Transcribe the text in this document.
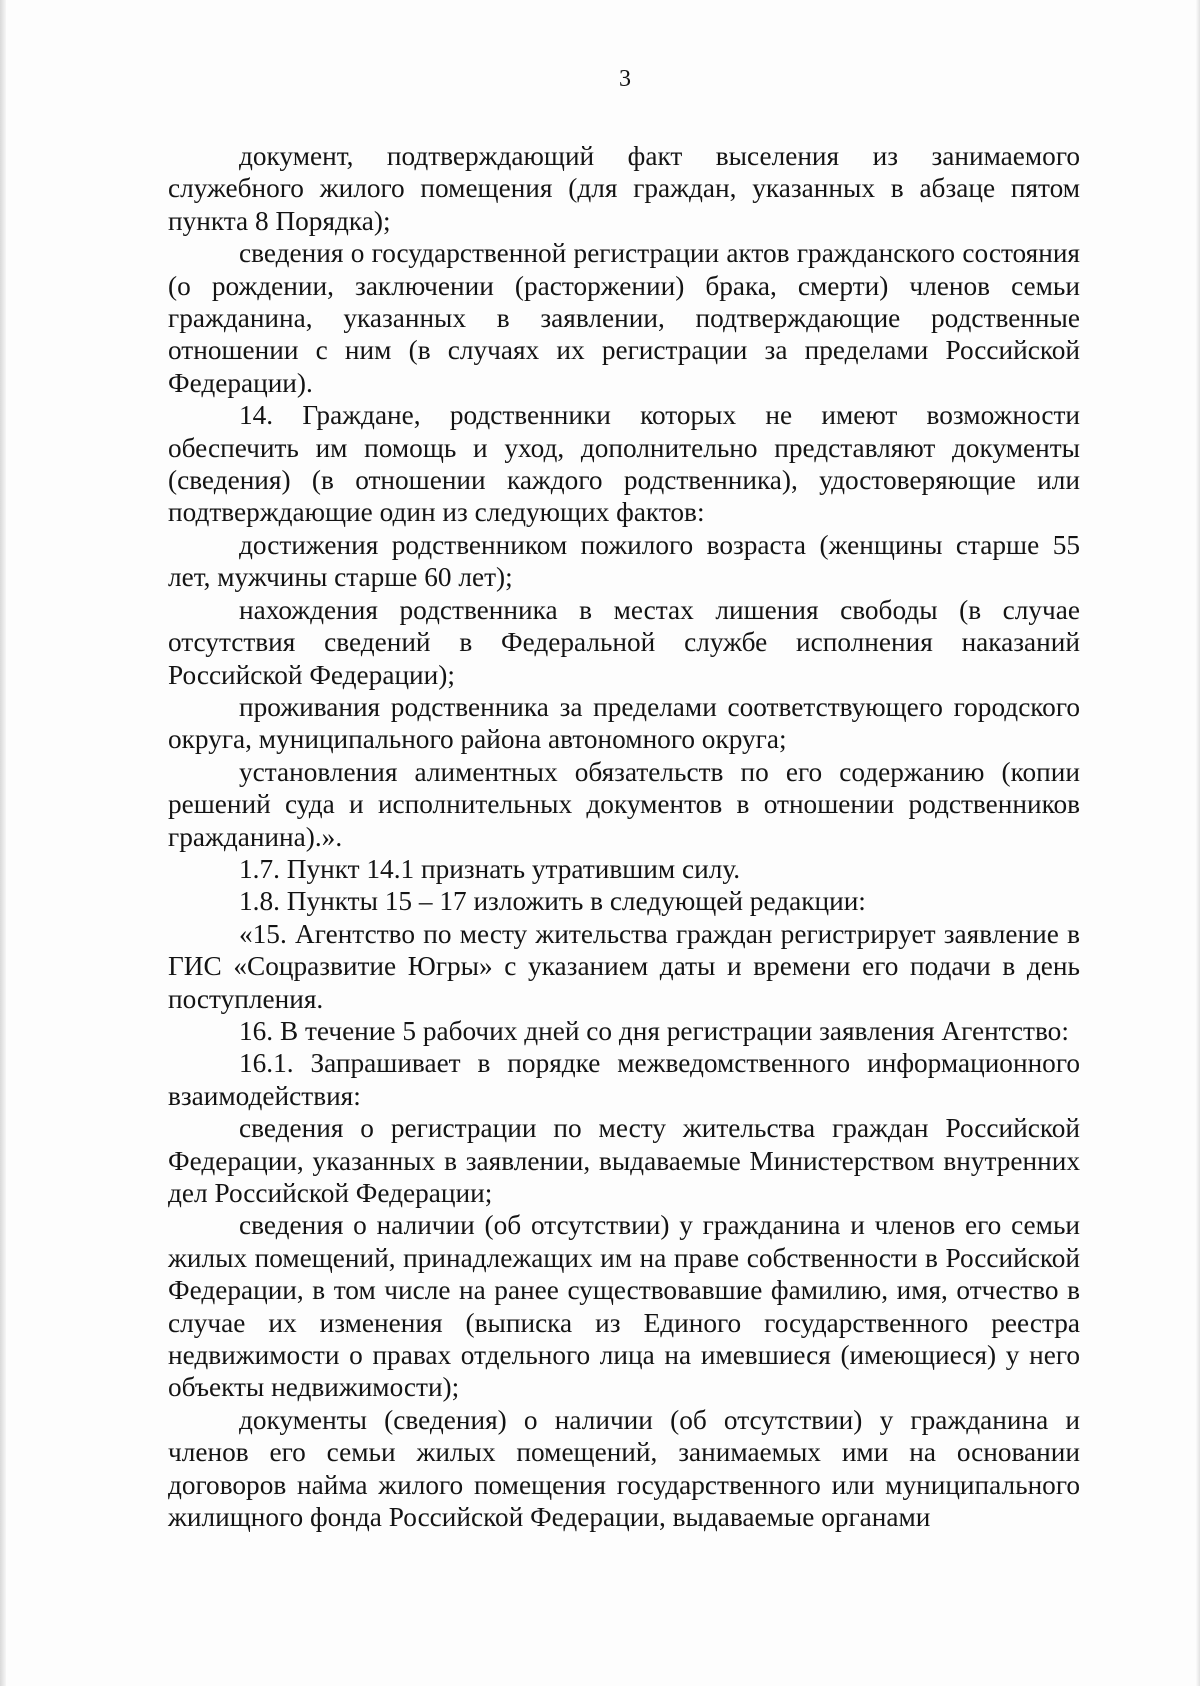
3

документ, подтверждающий факт выселения из занимаемого служебного жилого помещения (для граждан, указанных в абзаце пятом пункта 8 Порядка);

сведения о государственной регистрации актов гражданского состояния (о рождении, заключении (расторжении) брака, смерти) членов семьи гражданина, указанных в заявлении, подтверждающие родственные отношении с ним (в случаях их регистрации за пределами Российской Федерации).

14. Граждане, родственники которых не имеют возможности обеспечить им помощь и уход, дополнительно представляют документы (сведения) (в отношении каждого родственника), удостоверяющие или подтверждающие один из следующих фактов:

достижения родственником пожилого возраста (женщины старше 55 лет, мужчины старше 60 лет);

нахождения родственника в местах лишения свободы (в случае отсутствия сведений в Федеральной службе исполнения наказаний Российской Федерации);

проживания родственника за пределами соответствующего городского округа, муниципального района автономного округа;

установления алиментных обязательств по его содержанию (копии решений суда и исполнительных документов в отношении родственников гражданина).».

1.7. Пункт 14.1 признать утратившим силу.

1.8. Пункты 15 – 17 изложить в следующей редакции:

«15. Агентство по месту жительства граждан регистрирует заявление в ГИС «Соцразвитие Югры» с указанием даты и времени его подачи в день поступления.

16. В течение 5 рабочих дней со дня регистрации заявления Агентство:

16.1. Запрашивает в порядке межведомственного информационного взаимодействия:

сведения о регистрации по месту жительства граждан Российской Федерации, указанных в заявлении, выдаваемые Министерством внутренних дел Российской Федерации;

сведения о наличии (об отсутствии) у гражданина и членов его семьи жилых помещений, принадлежащих им на праве собственности в Российской Федерации, в том числе на ранее существовавшие фамилию, имя, отчество в случае их изменения (выписка из Единого государственного реестра недвижимости о правах отдельного лица на имевшиеся (имеющиеся) у него объекты недвижимости);

документы (сведения) о наличии (об отсутствии) у гражданина и членов его семьи жилых помещений, занимаемых ими на основании договоров найма жилого помещения государственного или муниципального жилищного фонда Российской Федерации, выдаваемые органами
